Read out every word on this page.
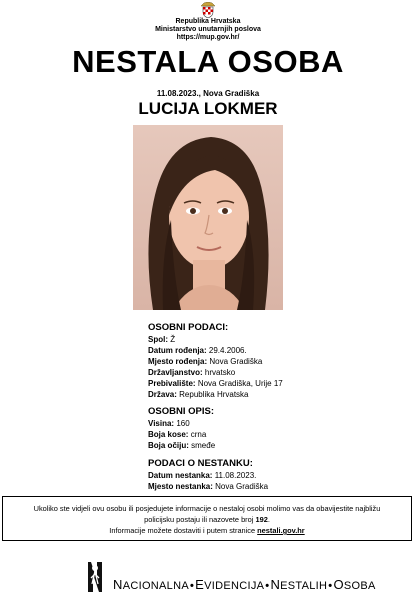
Republika Hrvatska
Ministarstvo unutarnjih poslova
https://mup.gov.hr/
NESTALA OSOBA
11.08.2023., Nova Gradiška
LUCIJA LOKMER
OSOBNI PODACI:
Spol: Ž
Datum rođenja: 29.4.2006.
Mjesto rođenja: Nova Gradiška
Državljanstvo: hrvatsko
Prebivalište: Nova Gradiška, Urije 17
Država: Republika Hrvatska
OSOBNI OPIS:
Visina: 160
Boja kose: crna
Boja očiju: smeđe
PODACI O NESTANKU:
Datum nestanka: 11.08.2023.
Mjesto nestanka: Nova Gradiška
Ukoliko ste vidjeli ovu osobu ili posjedujete informacije o nestaloj osobi molimo vas da obavijestite najbližu
policijsku postaju ili nazovete broj 192.
Informacije možete dostaviti i putem stranice nestali.gov.hr
NACIONALNA•EVIDENCIJA•NESTALIH•OSOBA
